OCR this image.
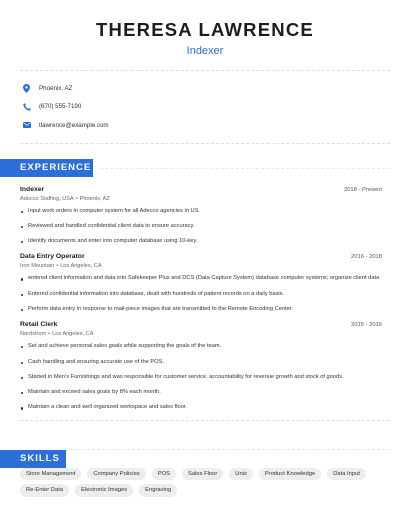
THERESA LAWRENCE
Indexer
Phoenix, AZ
(670) 555-7190
tlawrence@example.com
EXPERIENCE
Indexer	2018 - Present
Adecco Staffing, USA • Phoenix, AZ
Input work orders in computer system for all Adecco agencies in US.
Reviewed and handled confidential client data to ensure accuracy.
Identify documents and enter into computer database using 10-key.
Data Entry Operator	2016 - 2018
Iron Mountain • Los Angeles, CA
entered client information and data into Safekeeper Plus and DCS (Data Capture System) database computer systems; organize client data
Entered confidential information into database, dealt with hundreds of patient records on a daily basis.
Perform data entry in response to mail-piece images that are transmitted to the Remote Encoding Center.
Retail Clerk	2015 - 2016
Nordstrom • Los Angeles, CA
Set and achieve personal sales goals while supporting the goals of the team.
Cash handling and ensuring accurate use of the POS.
Started in Men's Furnishings and was responsible for customer service, accountability for revenue growth and stock of goods.
Maintain and exceed sales goals by 8% each month.
Maintain a clean and well organized workspace and sales floor.
SKILLS
Store Management	Company Policies	POS	Sales Floor	Unix	Product Knowledge	Data Input
Re-Enter Data	Electronic Images	Engraving
